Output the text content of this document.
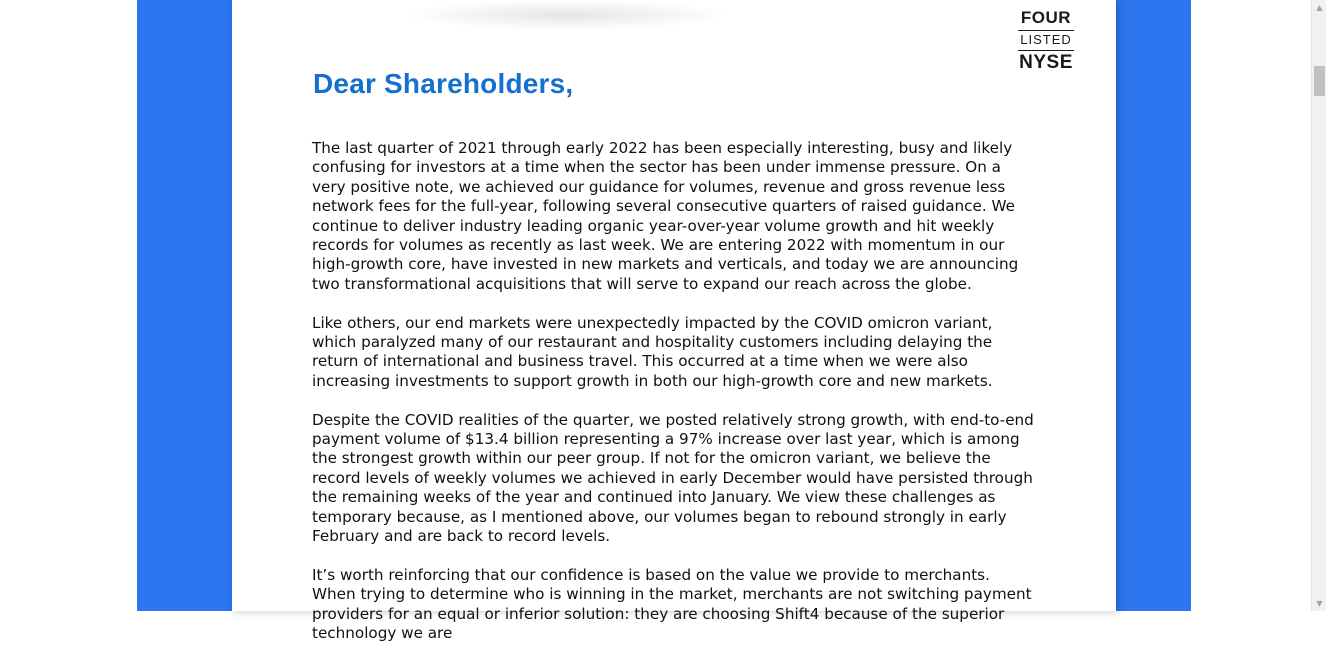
FOUR
LISTED
NYSE
Dear Shareholders,

The last quarter of 2021 through early 2022 has been especially interesting, busy and likely confusing for investors at a time when the sector has been under immense pressure. On a very positive note, we achieved our guidance for volumes, revenue and gross revenue less network fees for the full-year, following several consecutive quarters of raised guidance. We continue to deliver industry leading organic year-over-year volume growth and hit weekly records for volumes as recently as last week. We are entering 2022 with momentum in our high-growth core, have invested in new markets and verticals, and today we are announcing two transformational acquisitions that will serve to expand our reach across the globe.

Like others, our end markets were unexpectedly impacted by the COVID omicron variant, which paralyzed many of our restaurant and hospitality customers including delaying the return of international and business travel. This occurred at a time when we were also increasing investments to support growth in both our high-growth core and new markets.

Despite the COVID realities of the quarter, we posted relatively strong growth, with end-to-end payment volume of $13.4 billion representing a 97% increase over last year, which is among the strongest growth within our peer group. If not for the omicron variant, we believe the record levels of weekly volumes we achieved in early December would have persisted through the remaining weeks of the year and continued into January. We view these challenges as temporary because, as I mentioned above, our volumes began to rebound strongly in early February and are back to record levels.

It’s worth reinforcing that our confidence is based on the value we provide to merchants. When trying to determine who is winning in the market, merchants are not switching payment providers for an equal or inferior solution: they are choosing Shift4 because of the superior technology we are

▲
▼
